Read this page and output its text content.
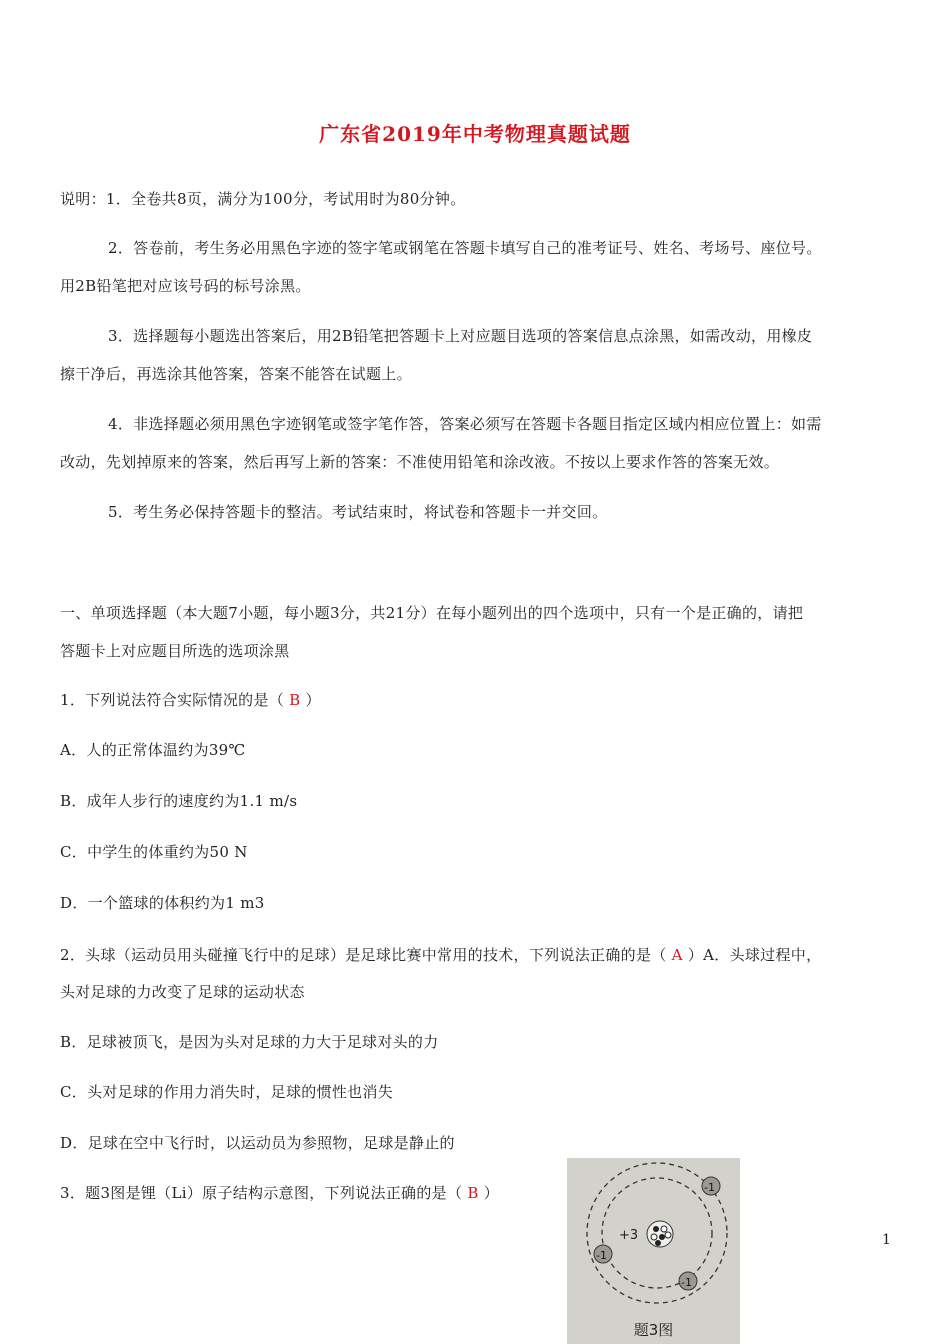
广东省2019年中考物理真题试题
说明：1．全卷共8页，满分为100分，考试用时为80分钟。
2．答卷前，考生务必用黑色字迹的签字笔或钢笔在答题卡填写自己的准考证号、姓名、考场号、座位号。
用2B铅笔把对应该号码的标号涂黑。
3．选择题每小题选出答案后，用2B铅笔把答题卡上对应题目选项的答案信息点涂黑，如需改动，用橡皮
擦干净后，再选涂其他答案，答案不能答在试题上。
4．非选择题必须用黑色字迹钢笔或签字笔作答，答案必须写在答题卡各题目指定区域内相应位置上：如需
改动，先划掉原来的答案，然后再写上新的答案：不准使用铅笔和涂改液。不按以上要求作答的答案无效。
5．考生务必保持答题卡的整洁。考试结束时，将试卷和答题卡一并交回。
一、单项选择题（本大题7小题，每小题3分，共21分）在每小题列出的四个选项中，只有一个是正确的，请把
答题卡上对应题目所选的选项涂黑
1．下列说法符合实际情况的是（ B ）
A．人的正常体温约为39℃
B．成年人步行的速度约为1.1 m/s
C．中学生的体重约为50 N
D．一个篮球的体积约为1 m3
2．头球（运动员用头碰撞飞行中的足球）是足球比赛中常用的技术，下列说法正确的是（ A ）A．头球过程中，
头对足球的力改变了足球的运动状态
B．足球被顶飞，是因为头对足球的力大于足球对头的力
C．头对足球的作用力消失时，足球的惯性也消失
D．足球在空中飞行时，以运动员为参照物，足球是静止的
3．题3图是锂（Li）原子结构示意图，下列说法正确的是（ B ）
+3
-1
-1
-1
题3图
1
